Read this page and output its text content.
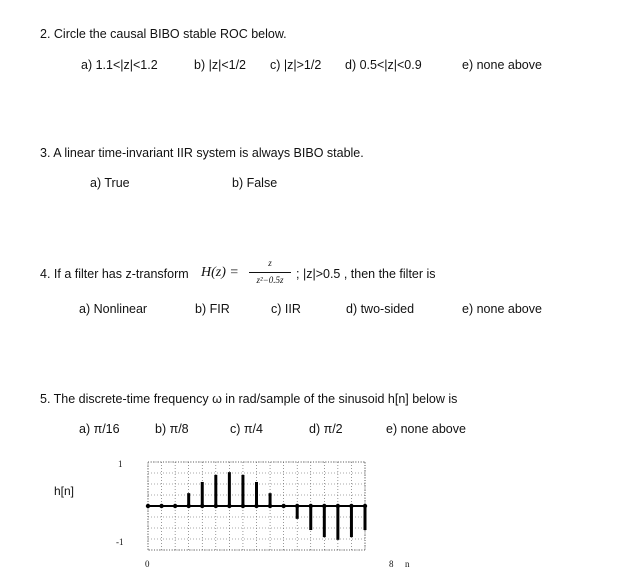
2. Circle the causal BIBO stable ROC below.
a) 1.1<|z|<1.2	b) |z|<1/2 c) |z|>1/2 d) 0.5<|z|<0.9	e) none above
3. A linear time-invariant IIR system is always BIBO stable.
a) True	b) False
4. If a filter has z-transform H(z) =
z
z²−0.5z ; |z|>0.5 , then the filter is
a) Nonlinear	b) FIR	c) IIR	d) two-sided	e) none above
5. The discrete-time frequency ω in rad/sample of the sinusoid h[n] below is
a) π/16	b) π/8	c) π/4	d) π/2	e) none above
h[n]
1
-1
0	8 n
